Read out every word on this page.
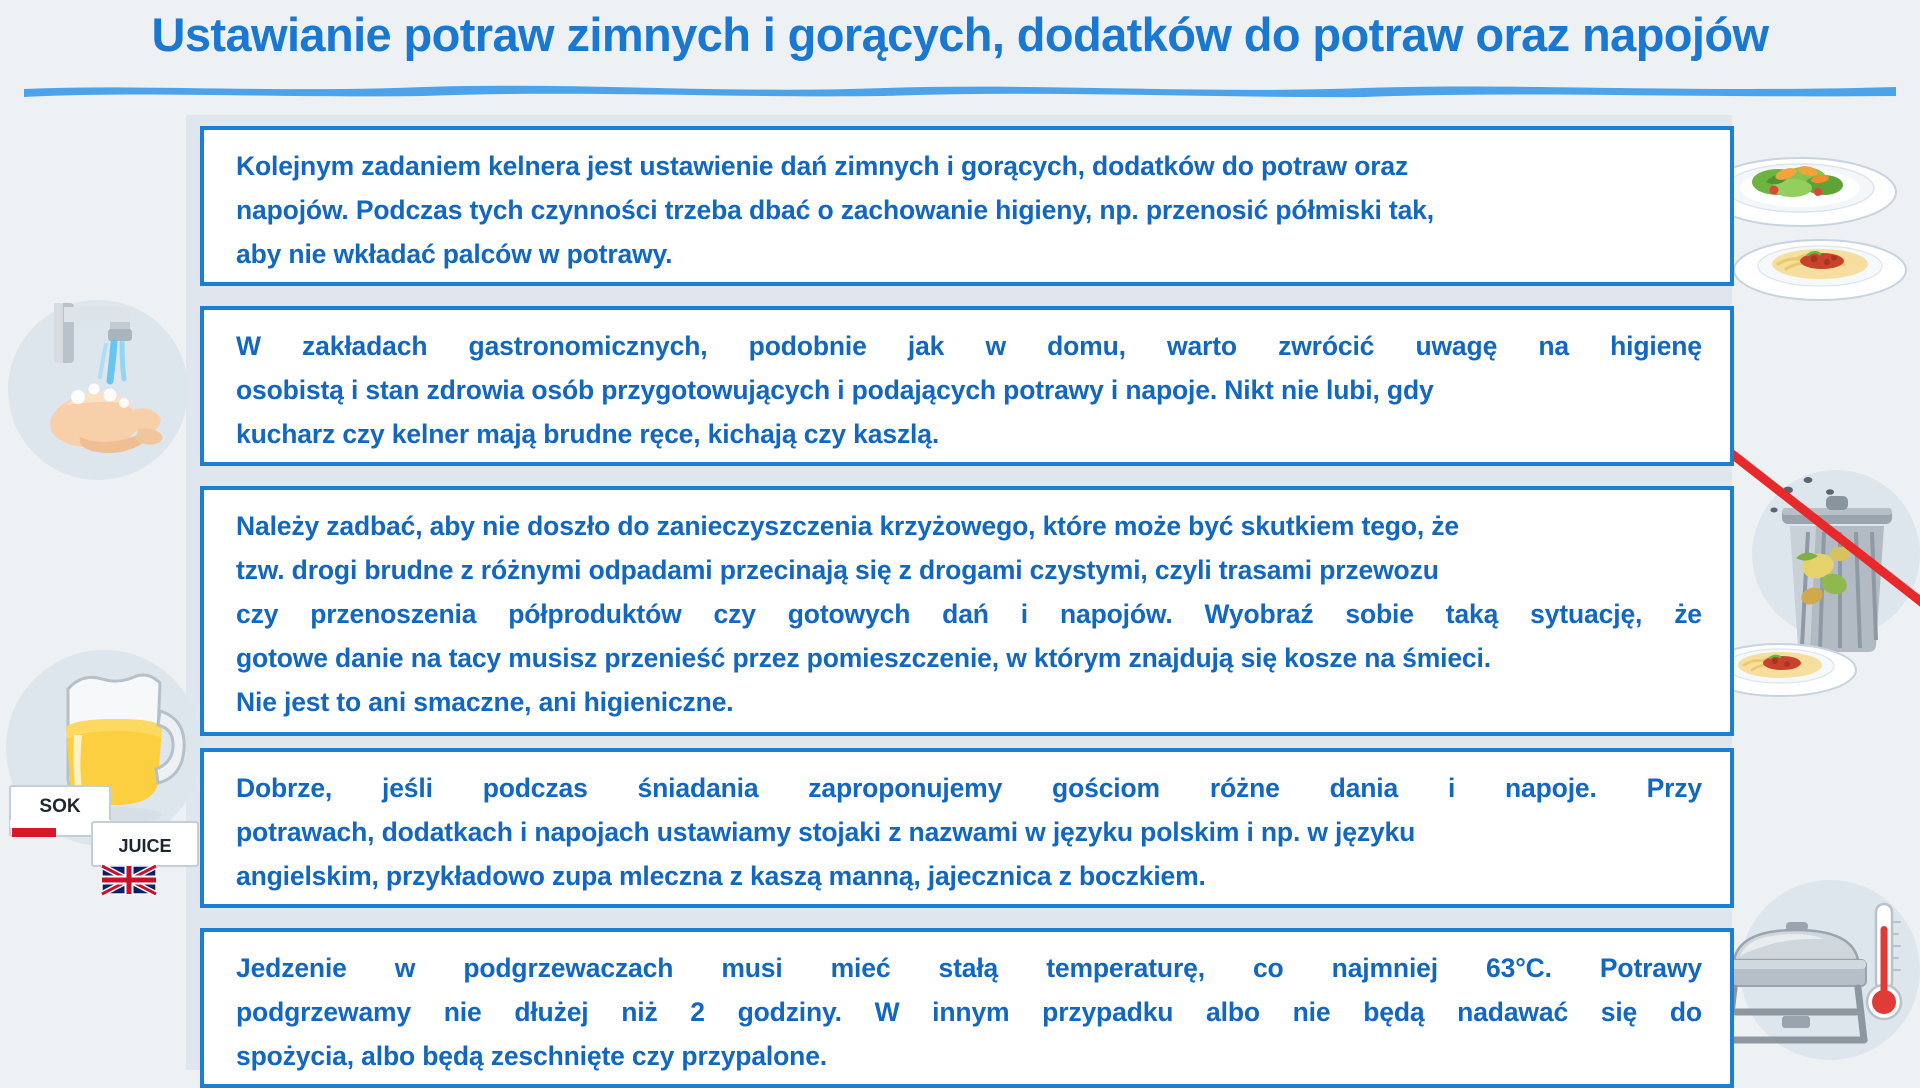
Ustawianie potraw zimnych i gorących, dodatków do potraw oraz napojów
SOK
JUICE
Kolejnym zadaniem kelnera jest ustawienie dań zimnych i gorących, dodatków do potraw oraz
napojów. Podczas tych czynności trzeba dbać o zachowanie higieny, np. przenosić półmiski tak,
aby nie wkładać palców w potrawy.
W zakładach gastronomicznych, podobnie jak w domu, warto zwrócić uwagę na higienę
osobistą i stan zdrowia osób przygotowujących i podających potrawy i napoje. Nikt nie lubi, gdy
kucharz czy kelner mają brudne ręce, kichają czy kaszlą.
Należy zadbać, aby nie doszło do zanieczyszczenia krzyżowego, które może być skutkiem tego, że
tzw. drogi brudne z różnymi odpadami przecinają się z drogami czystymi, czyli trasami przewozu
czy przenoszenia półproduktów czy gotowych dań i napojów. Wyobraź sobie taką sytuację, że
gotowe danie na tacy musisz przenieść przez pomieszczenie, w którym znajdują się kosze na śmieci.
Nie jest to ani smaczne, ani higieniczne.
Dobrze, jeśli podczas śniadania zaproponujemy gościom różne dania i napoje. Przy
potrawach, dodatkach i napojach ustawiamy stojaki z nazwami w języku polskim i np. w języku
angielskim, przykładowo zupa mleczna z kaszą manną, jajecznica z boczkiem.
Jedzenie w podgrzewaczach musi mieć stałą temperaturę, co najmniej 63°C. Potrawy
podgrzewamy nie dłużej niż 2 godziny. W innym przypadku albo nie będą nadawać się do
spożycia, albo będą zeschnięte czy przypalone.
